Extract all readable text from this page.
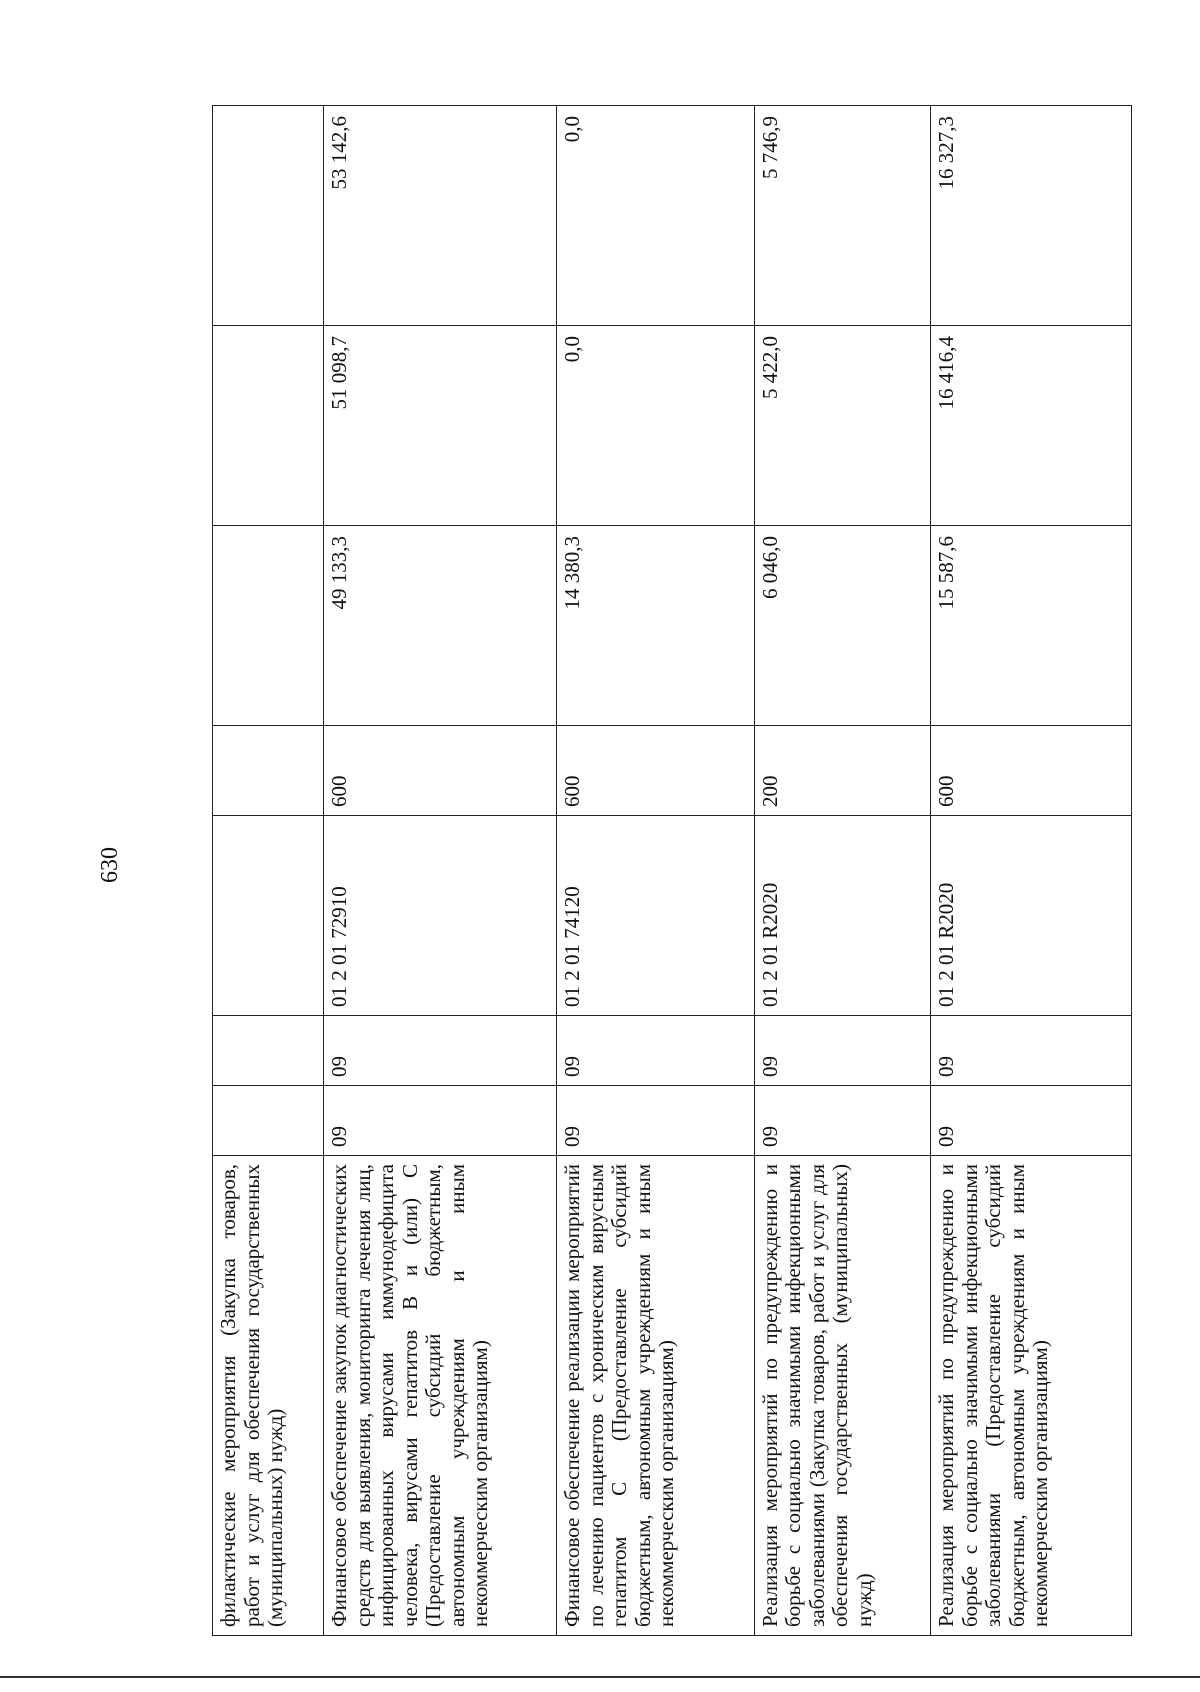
630
филактические мероприятия (Закупка товаров, работ и услуг для обеспечения государственных (муниципальных) нужд)							
Финансовое обеспечение закупок диагностических средств для выявления, мониторинга лечения лиц, инфицированных вирусами иммунодефицита человека, вирусами гепатитов B и (или) C (Предоставление субсидий бюджетным, автономным учреждениям и иным некоммерческим организациям)	09	09	01 2 01 72910	600	49 133,3	51 098,7	53 142,6
Финансовое обеспечение реализации мероприятий по лечению пациентов с хроническим вирусным гепатитом C (Предоставление субсидий бюджетным, автономным учреждениям и иным некоммерческим организациям)	09	09	01 2 01 74120	600	14 380,3	0,0	0,0
Реализация мероприятий по предупреждению и борьбе с социально значимыми инфекционными заболеваниями (Закупка товаров, работ и услуг для обеспечения государственных (муниципальных) нужд)	09	09	01 2 01 R2020	200	6 046,0	5 422,0	5 746,9
Реализация мероприятий по предупреждению и борьбе с социально значимыми инфекционными заболеваниями (Предоставление субсидий бюджетным, автономным учреждениям и иным некоммерческим организациям)	09	09	01 2 01 R2020	600	15 587,6	16 416,4	16 327,3
